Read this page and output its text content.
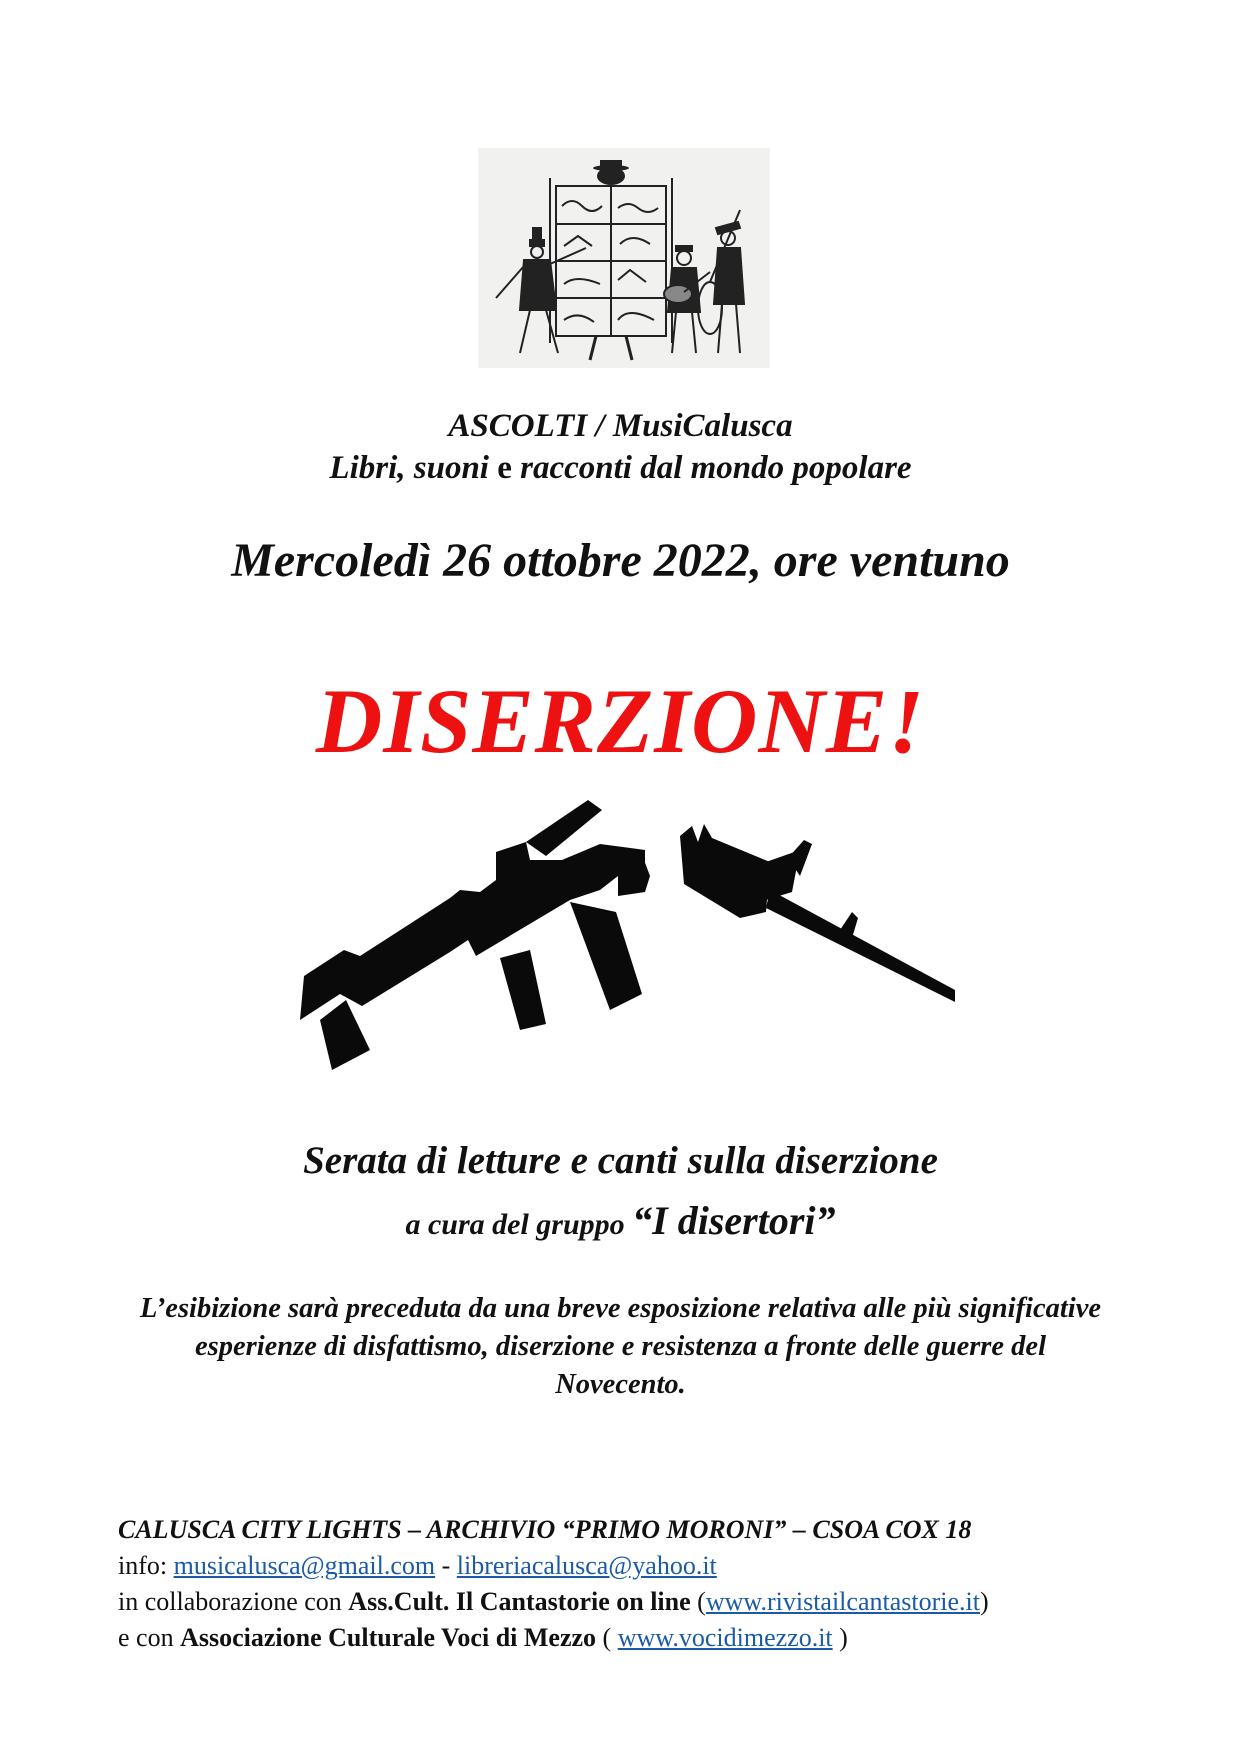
ASCOLTI / MusiCalusca
Libri, suoni e racconti dal mondo popolare
Mercoledì 26 ottobre 2022, ore ventuno
DISERZIONE!
Serata di letture e canti sulla diserzione
a cura del gruppo “I disertori”
L’esibizione sarà preceduta da una breve esposizione relativa alle più significative esperienze di disfattismo, diserzione e resistenza a fronte delle guerre del Novecento.
CALUSCA CITY LIGHTS – ARCHIVIO “PRIMO MORONI” – CSOA COX 18
info: musicalusca@gmail.com - libreriacalusca@yahoo.it
in collaborazione con Ass.Cult. Il Cantastorie on line (www.rivistailcantastorie.it)
e con Associazione Culturale Voci di Mezzo ( www.vocidimezzo.it )
